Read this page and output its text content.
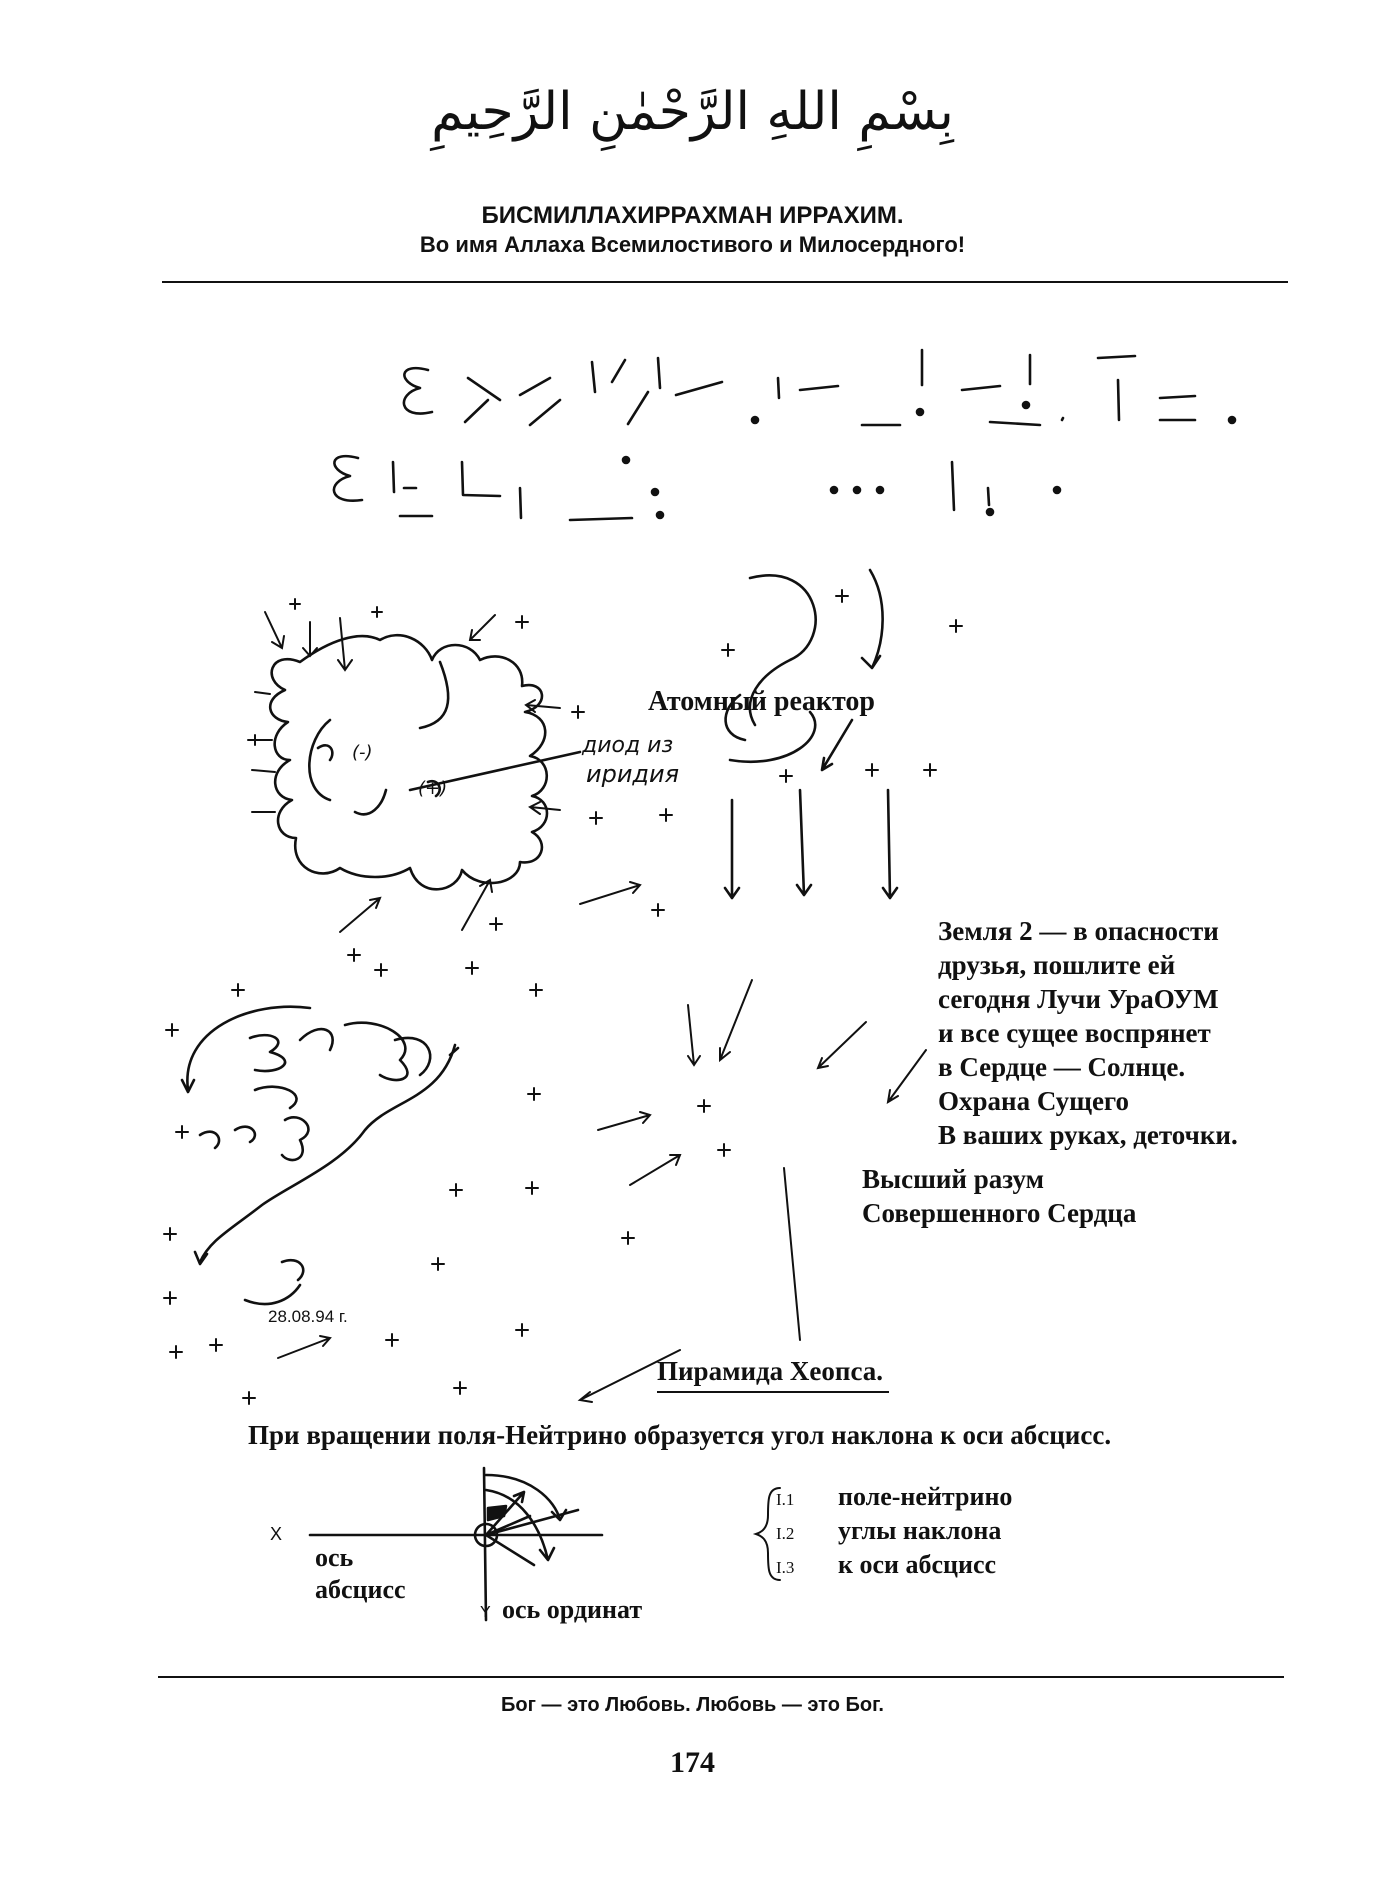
بِسْمِ اللهِ الرَّحْمٰنِ الرَّحِيمِ
БИСМИЛЛАХИРРАХМАН ИРРАХИМ.
Во имя Аллаха Всемилостивого и Милосердного!
диод из
иридия
(-)
(+)
Атомный реактор
Земля 2 — в опасности
друзья, пошлите ей
сегодня Лучи УраОУМ
и все сущее воспрянет
в Сердце — Солнце.
Охрана Сущего
В ваших руках, деточки.
Высший разум
Совершенного Сердца
28.08.94 г.
Пирамида Хеопса.
При вращении поля-Нейтрино образуется угол наклона к оси абсцисс.
X
ось
абсцисс
Y ось ординат
I.1 поле-нейтрино
I.2 углы наклона
I.3 к оси абсцисс
Бог — это Любовь. Любовь — это Бог.
174
